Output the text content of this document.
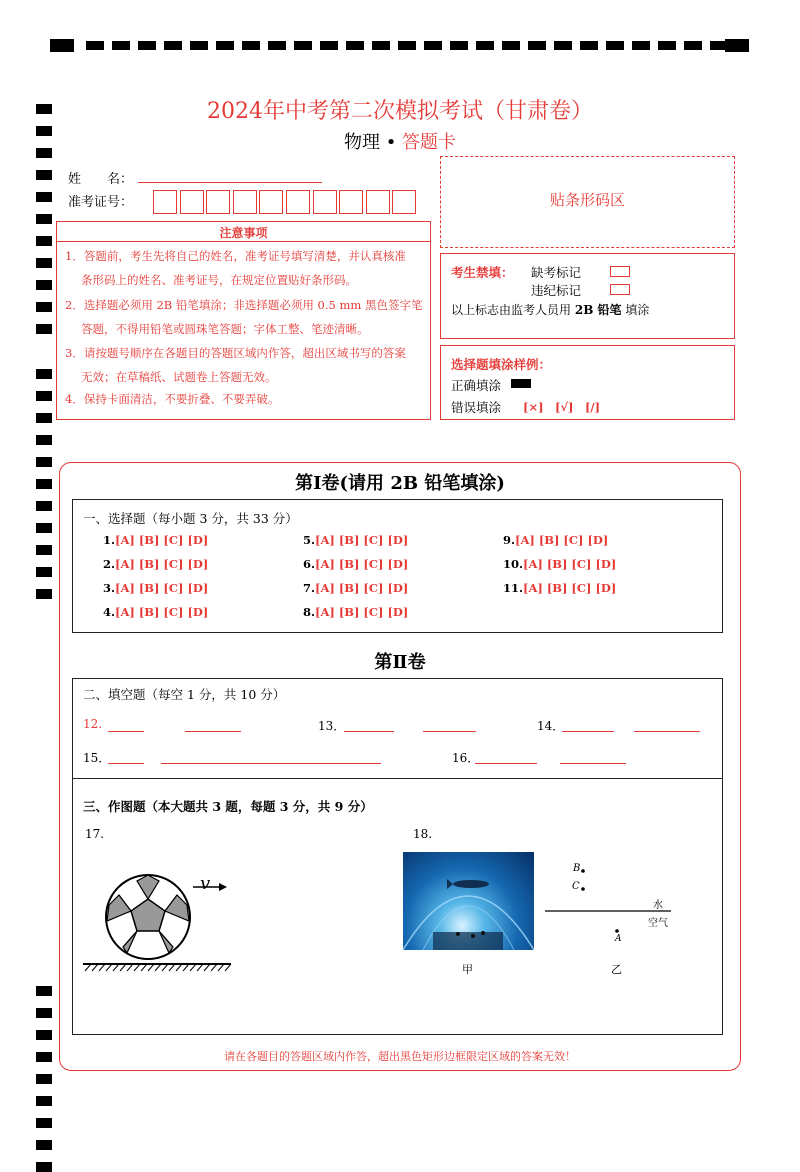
2024年中考第二次模拟考试（甘肃卷）
物理 • 答题卡
姓　　名：
准考证号：	贴条形码区
注意事项
1．答题前，考生先将自己的姓名，准考证号填写清楚，并认真核准
条形码上的姓名、准考证号，在规定位置贴好条形码。
2．选择题必须用 2B 铅笔填涂；非选择题必须用 0.5 mm 黑色签字笔
答题，不得用铅笔或圆珠笔答题；字体工整、笔迹清晰。
3．请按题号顺序在各题目的答题区域内作答，超出区域书写的答案
无效；在草稿纸、试题卷上答题无效。
4．保持卡面清洁，不要折叠、不要弄破。
考生禁填： 缺考标记
违纪标记
以上标志由监考人员用 2B 铅笔 填涂
选择题填涂样例：
正确填涂
错误填涂 [×]　[√]　[/]
第Ⅰ卷(请用 2B 铅笔填涂)
一、选择题（每小题 3 分，共 33 分）
1.[A] [B] [C] [D]
2.[A] [B] [C] [D]
3.[A] [B] [C] [D]
4.[A] [B] [C] [D]
5.[A] [B] [C] [D]
6.[A] [B] [C] [D]
7.[A] [B] [C] [D]
8.[A] [B] [C] [D]
9.[A] [B] [C] [D]
10.[A] [B] [C] [D]
11.[A] [B] [C] [D]
第Ⅱ卷
二、填空题（每空 1 分，共 10 分）
12.	13．	14．
15．	16．
三、作图题（本大题共 3 题，每题 3 分，共 9 分）
17.	18.
v
甲
B
C
A
水
空气
乙
请在各题目的答题区域内作答，超出黑色矩形边框限定区域的答案无效！
